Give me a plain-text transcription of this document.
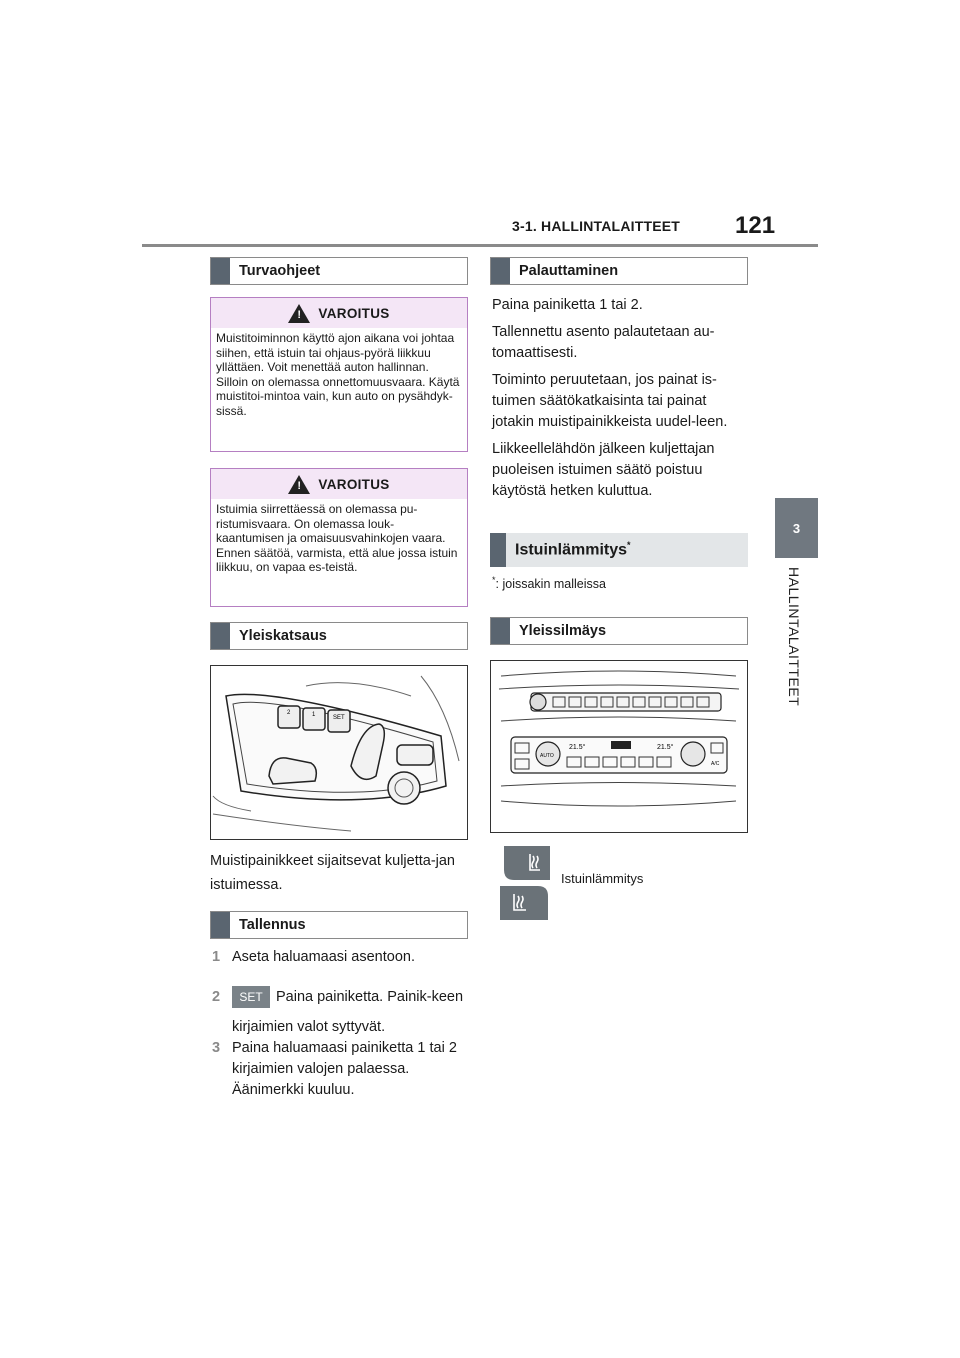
3-1. HALLINTALAITTEET 121
3
HALLINTALAITTEET
Turvaohjeet
! VAROITUS
Muistitoiminnon käyttö ajon aikana voi johtaa siihen, että istuin tai ohjaus-pyörä liikkuu yllättäen. Voit menettää auton hallinnan. Silloin on olemassa onnettomuusvaara. Käytä muistitoi-mintoa vain, kun auto on pysähdyk-sissä.
! VAROITUS
Istuimia siirrettäessä on olemassa pu-ristumisvaara. On olemassa louk-kaantumisen ja omaisuusvahinkojen vaara. Ennen säätöä, varmista, että alue jossa istuin liikkuu, on vapaa es-teistä.
Yleiskatsaus
2	1	SET
Muistipainikkeet sijaitsevat kuljetta-jan istuimessa.
Tallennus
1 Aseta haluamaasi asentoon.
2	SET Paina painiketta. Painik-keen kirjaimien valot syttyvät.
3 Paina haluamaasi painiketta 1 tai 2 kirjaimien valojen palaessa. Äänimerkki kuuluu.
Palauttaminen
Paina painiketta 1 tai 2.
Tallennettu asento palautetaan au-tomaattisesti.
Toiminto peruutetaan, jos painat is-tuimen säätökatkaisinta tai painat jotakin muistipainikkeista uudel-leen.
Liikkeellelähdön jälkeen kuljettajan puoleisen istuimen säätö poistuu käytöstä hetken kuluttua.
Istuinlämmitys*
*: joissakin malleissa
Yleissilmäys
AUTO
21.5°	21.5°
A/C
Istuinlämmitys
